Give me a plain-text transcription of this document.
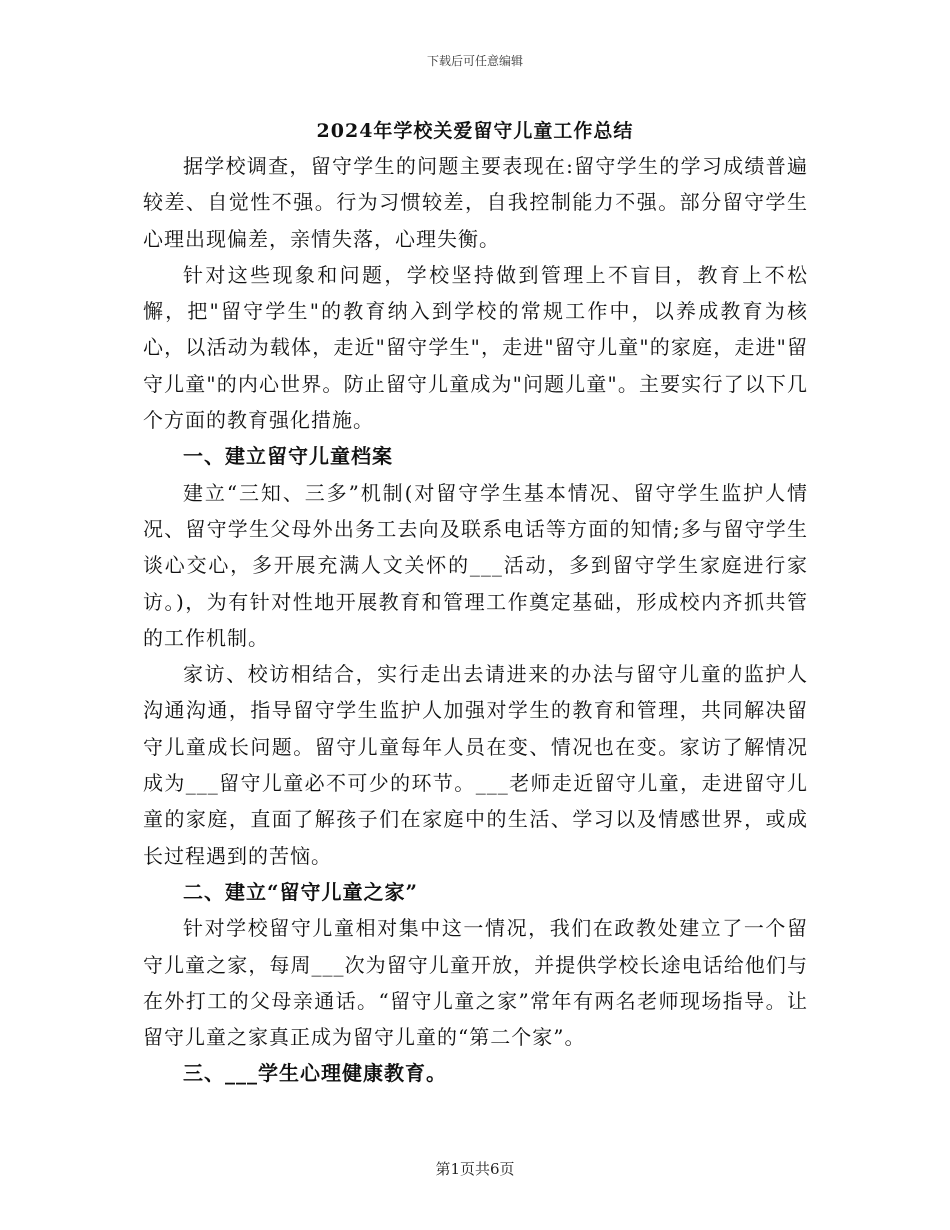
下载后可任意编辑
2024年学校关爱留守儿童工作总结

据学校调查，留守学生的问题主要表现在:留守学生的学习成绩普遍较差、自觉性不强。行为习惯较差，自我控制能力不强。部分留守学生心理出现偏差，亲情失落，心理失衡。

针对这些现象和问题，学校坚持做到管理上不盲目，教育上不松懈，把"留守学生"的教育纳入到学校的常规工作中，以养成教育为核心，以活动为载体，走近"留守学生"，走进"留守儿童"的家庭，走进"留守儿童"的内心世界。防止留守儿童成为"问题儿童"。主要实行了以下几个方面的教育强化措施。

一、建立留守儿童档案

建立“三知、三多”机制(对留守学生基本情况、留守学生监护人情况、留守学生父母外出务工去向及联系电话等方面的知情;多与留守学生谈心交心，多开展充满人文关怀的___活动，多到留守学生家庭进行家访。)，为有针对性地开展教育和管理工作奠定基础，形成校内齐抓共管的工作机制。

家访、校访相结合，实行走出去请进来的办法与留守儿童的监护人沟通沟通，指导留守学生监护人加强对学生的教育和管理，共同解决留守儿童成长问题。留守儿童每年人员在变、情况也在变。家访了解情况成为___留守儿童必不可少的环节。___老师走近留守儿童，走进留守儿童的家庭，直面了解孩子们在家庭中的生活、学习以及情感世界，或成长过程遇到的苦恼。

二、建立“留守儿童之家”

针对学校留守儿童相对集中这一情况，我们在政教处建立了一个留守儿童之家，每周___次为留守儿童开放，并提供学校长途电话给他们与在外打工的父母亲通话。“留守儿童之家”常年有两名老师现场指导。让留守儿童之家真正成为留守儿童的“第二个家”。

三、___学生心理健康教育。

第1页共6页
